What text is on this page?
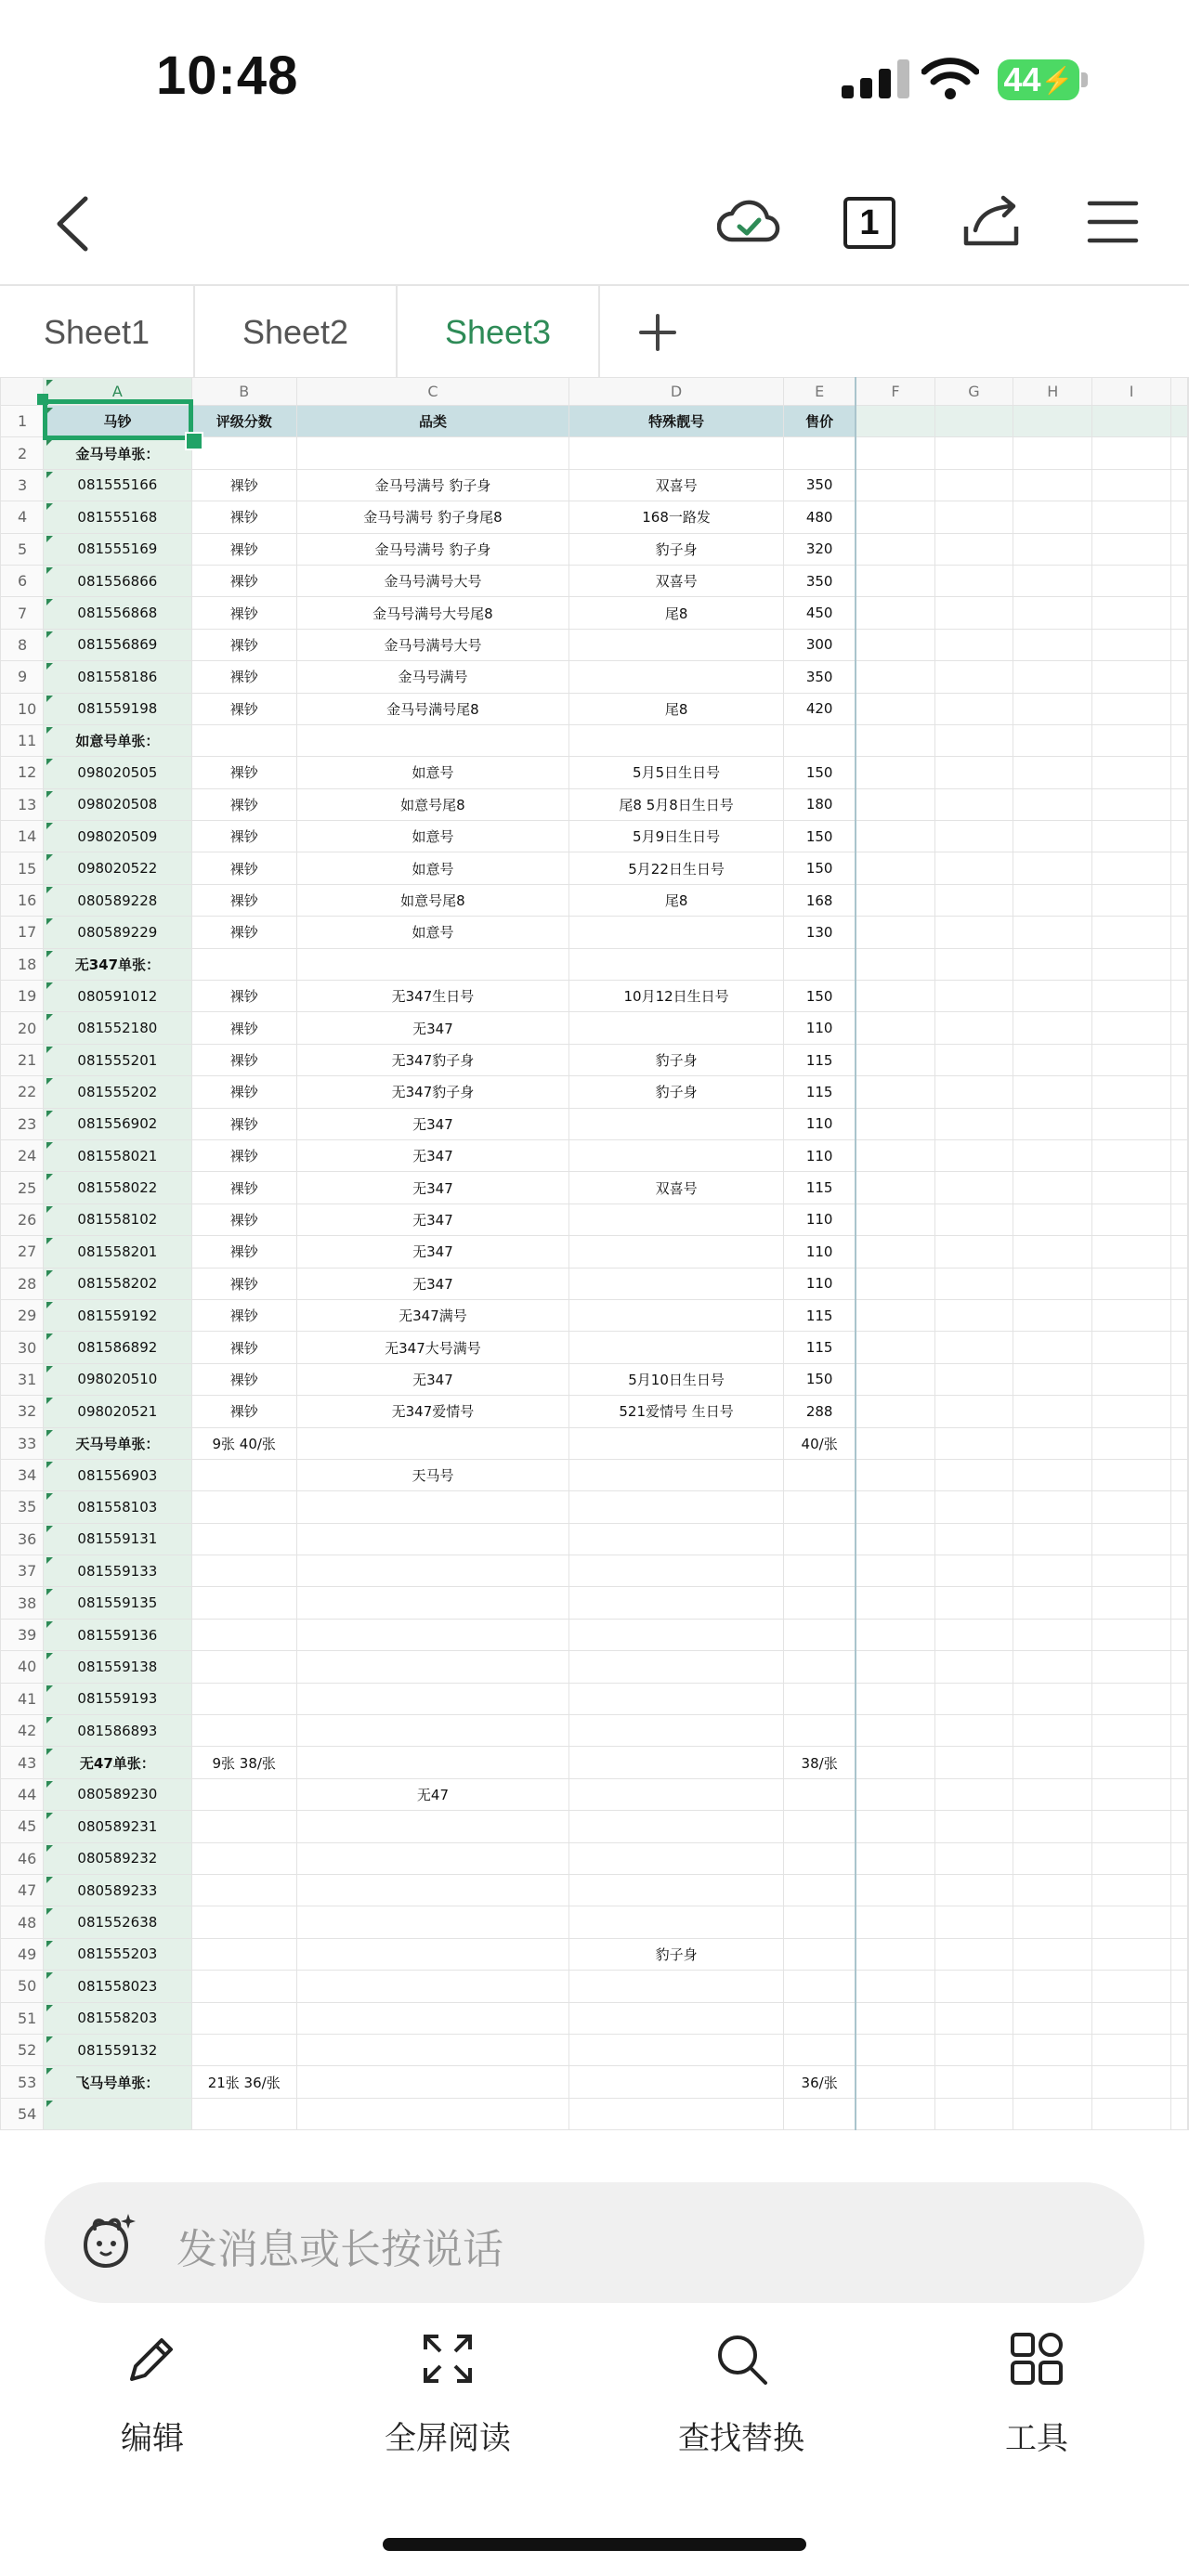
10:48	44 ⚡
1
Sheet1	Sheet2	Sheet3
	A	B	C	D	E	F	G	H	I		
1	马钞	评级分数	品类	特殊靓号	售价						
2	金马号单张：										
3	081555166	裸钞	金马号满号 豹子身	双喜号	350						
4	081555168	裸钞	金马号满号 豹子身尾8	168一路发	480						
5	081555169	裸钞	金马号满号 豹子身	豹子身	320						
6	081556866	裸钞	金马号满号大号	双喜号	350						
7	081556868	裸钞	金马号满号大号尾8	尾8	450						
8	081556869	裸钞	金马号满号大号		300						
9	081558186	裸钞	金马号满号		350						
10	081559198	裸钞	金马号满号尾8	尾8	420						
11	如意号单张：										
12	098020505	裸钞	如意号	5月5日生日号	150						
13	098020508	裸钞	如意号尾8	尾8 5月8日生日号	180						
14	098020509	裸钞	如意号	5月9日生日号	150						
15	098020522	裸钞	如意号	5月22日生日号	150						
16	080589228	裸钞	如意号尾8	尾8	168						
17	080589229	裸钞	如意号		130						
18	无347单张：										
19	080591012	裸钞	无347生日号	10月12日生日号	150						
20	081552180	裸钞	无347		110						
21	081555201	裸钞	无347豹子身	豹子身	115						
22	081555202	裸钞	无347豹子身	豹子身	115						
23	081556902	裸钞	无347		110						
24	081558021	裸钞	无347		110						
25	081558022	裸钞	无347	双喜号	115						
26	081558102	裸钞	无347		110						
27	081558201	裸钞	无347		110						
28	081558202	裸钞	无347		110						
29	081559192	裸钞	无347满号		115						
30	081586892	裸钞	无347大号满号		115						
31	098020510	裸钞	无347	5月10日生日号	150						
32	098020521	裸钞	无347爱情号	521爱情号 生日号	288						
33	天马号单张：	9张 40/张			40/张						
34	081556903		天马号								
35	081558103										
36	081559131										
37	081559133										
38	081559135										
39	081559136										
40	081559138										
41	081559193										
42	081586893										
43	无47单张：	9张 38/张			38/张						
44	080589230		无47								
45	080589231										
46	080589232										
47	080589233										
48	081552638										
49	081555203			豹子身							
50	081558023										
51	081558203										
52	081559132										
53	飞马号单张：	21张 36/张			36/张						
54											
发消息或长按说话
编辑	全屏阅读	查找替换	工具
